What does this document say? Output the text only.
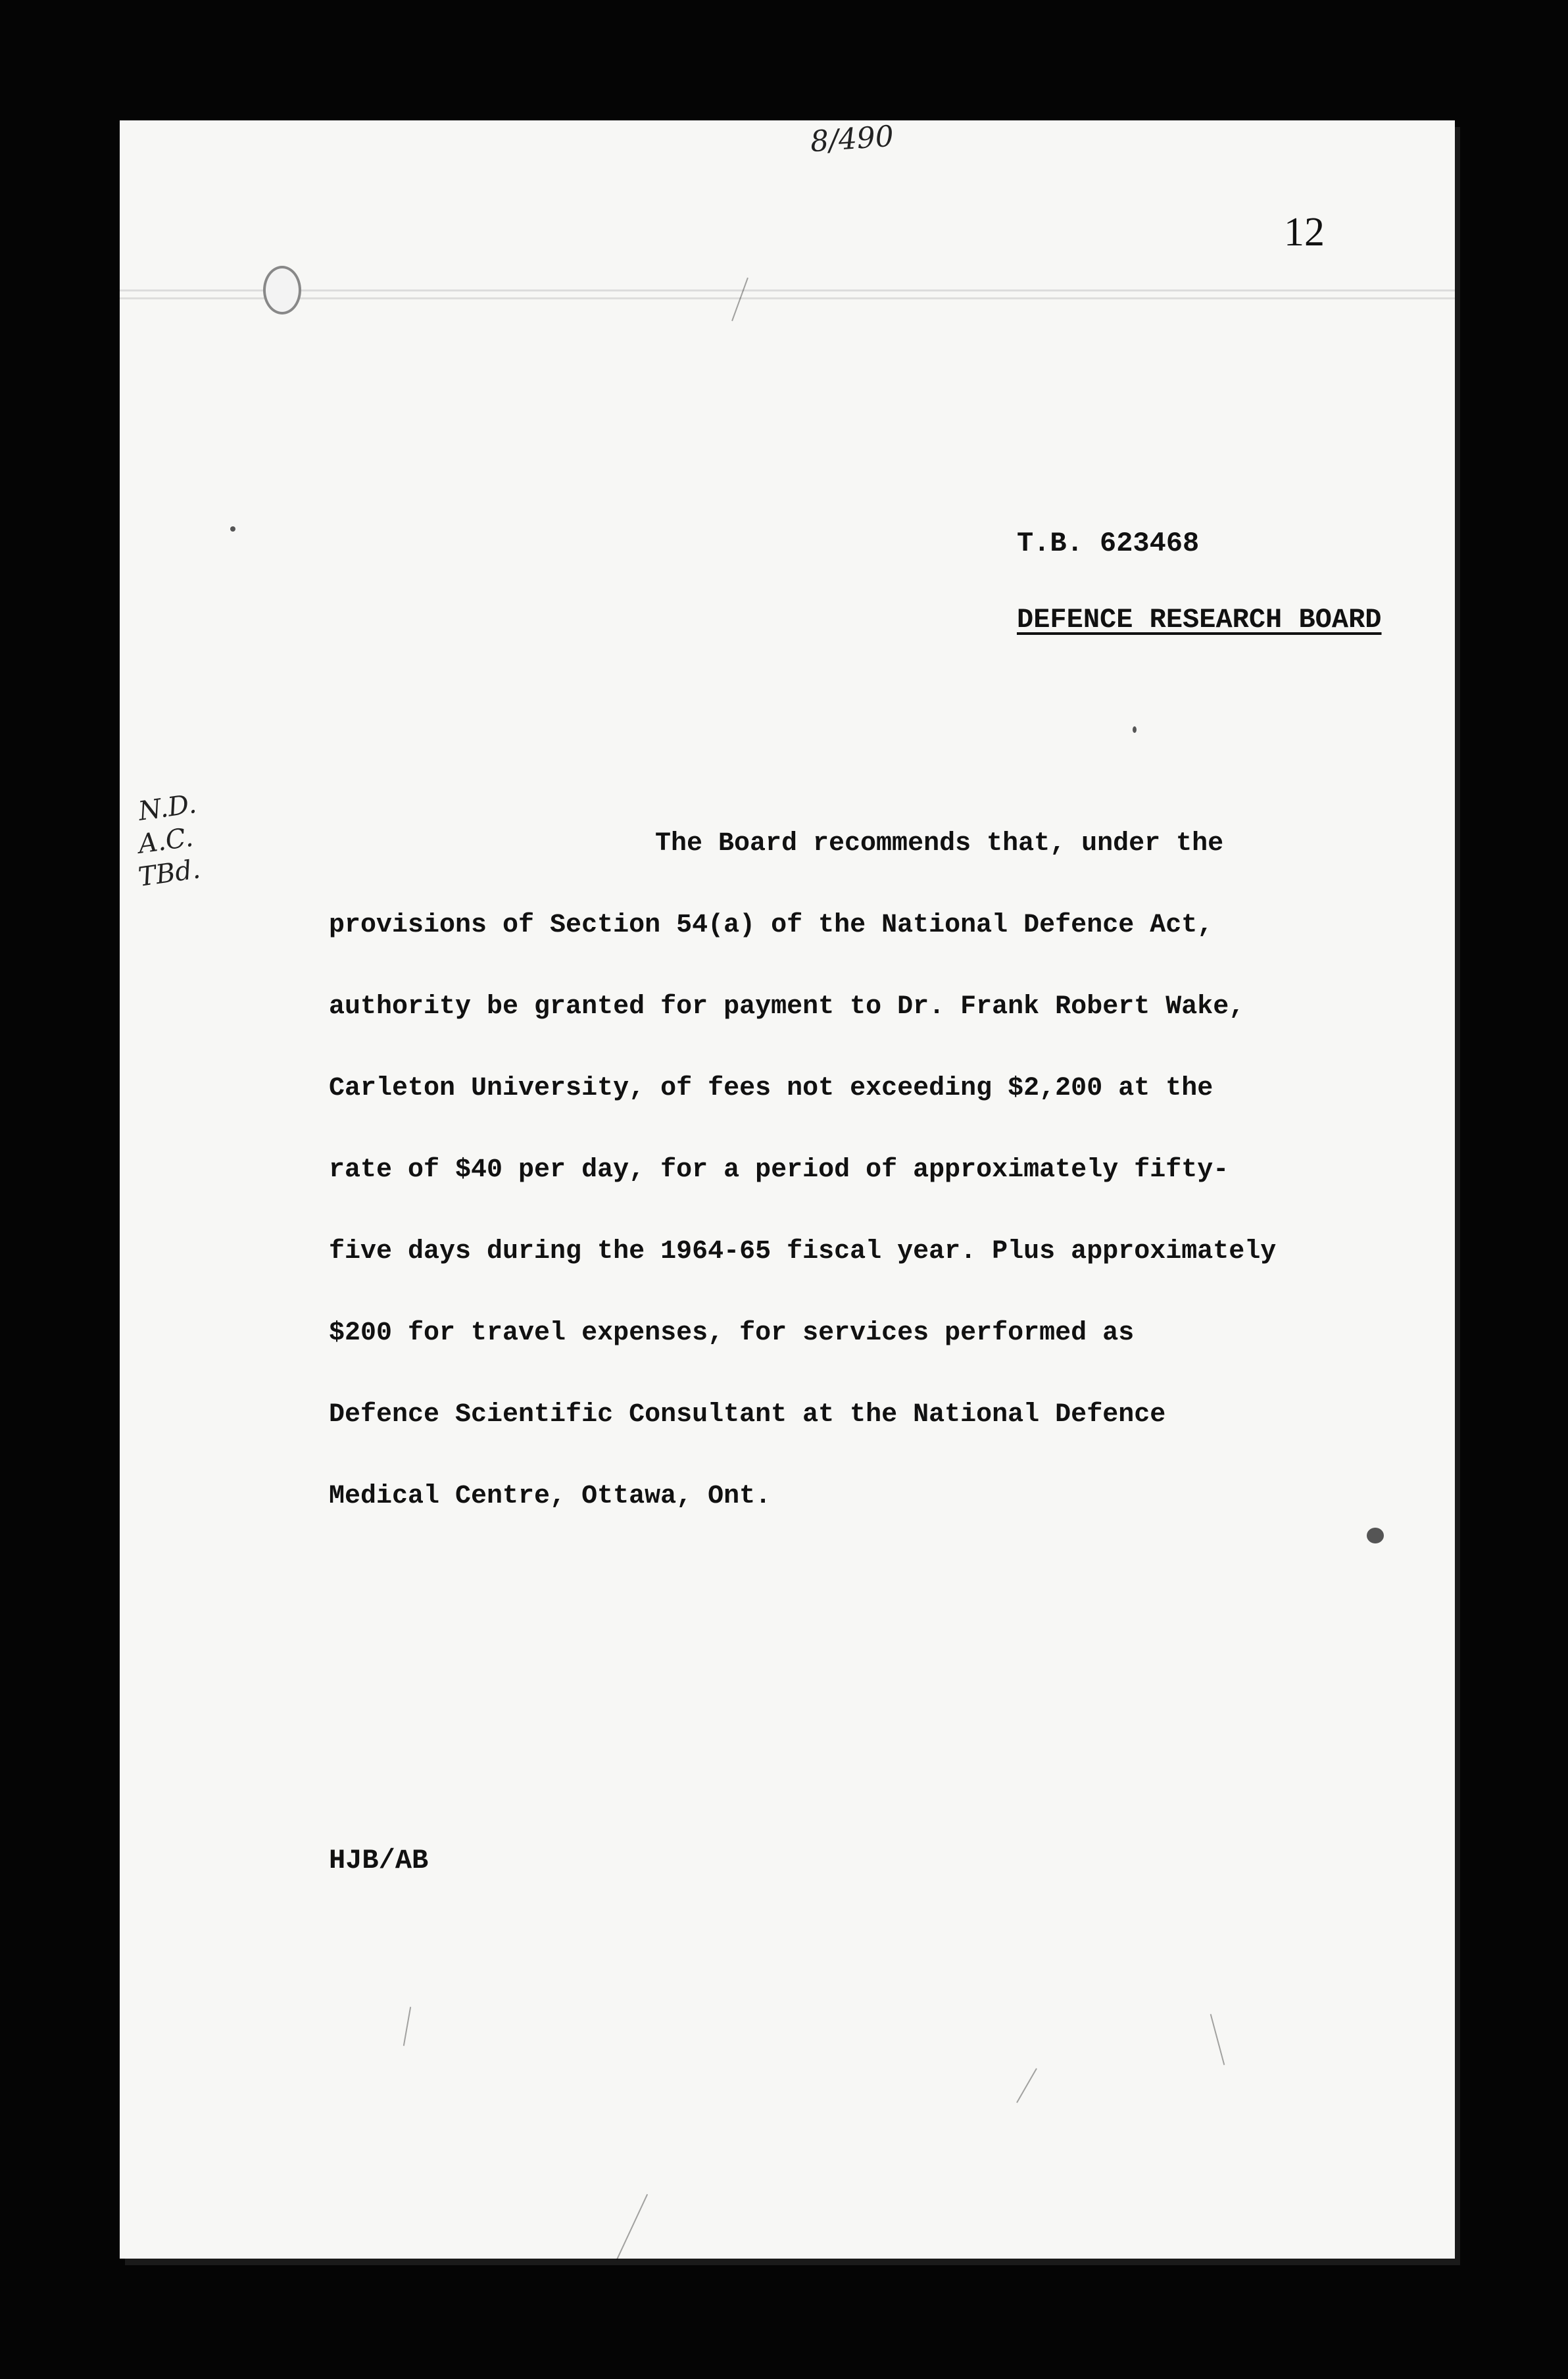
8/490
12
T.B. 623468
DEFENCE RESEARCH BOARD
N.D.
A.C.
TBd.
The Board recommends that, under the
provisions of Section 54(a) of the National Defence Act,
authority be granted for payment to Dr. Frank Robert Wake,
Carleton University, of fees not exceeding $2,200 at the
rate of $40 per day, for a period of approximately fifty-
five days during the 1964-65 fiscal year. Plus approximately
$200 for travel expenses, for services performed as
Defence Scientific Consultant at the National Defence
Medical Centre, Ottawa, Ont.
HJB/AB
